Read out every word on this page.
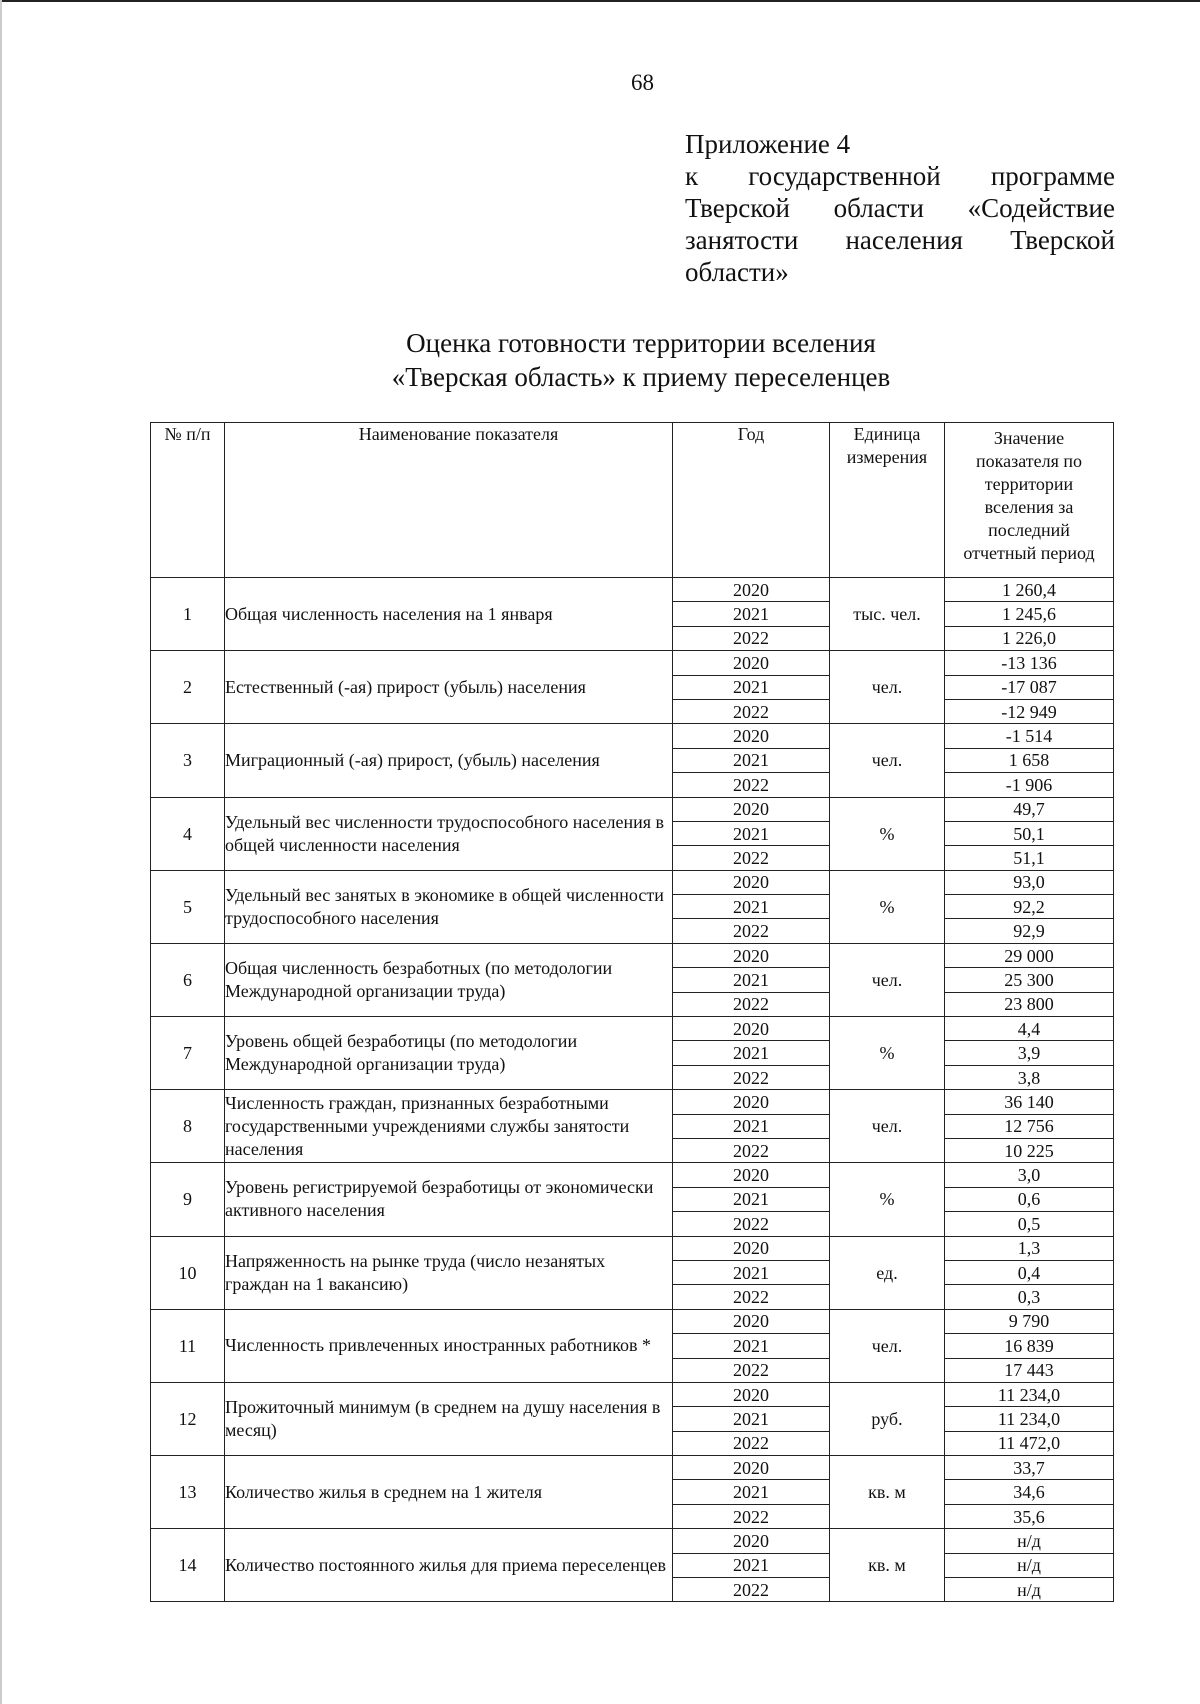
68
Приложение 4
к государственной программе
Тверской области «Содействие
занятости населения Тверской
области»
Оценка готовности территории вселения
«Тверская область» к приему переселенцев
№ п/п	Наименование показателя	Год	Единица измерения	Значение показателя по территории вселения за последний отчетный период
1	Общая численность населения на 1 января	2020	тыс. чел.	1 260,4
		2021		1 245,6
		2022		1 226,0
2	Естественный (-ая) прирост (убыль) населения	2020	чел.	-13 136
		2021		-17 087
		2022		-12 949
3	Миграционный (-ая) прирост, (убыль) населения	2020	чел.	-1 514
		2021		1 658
		2022		-1 906
4	Удельный вес численности трудоспособного населения в общей численности населения	2020	%	49,7
		2021		50,1
		2022		51,1
5	Удельный вес занятых в экономике в общей численности трудоспособного населения	2020	%	93,0
		2021		92,2
		2022		92,9
6	Общая численность безработных (по методологии Международной организации труда)	2020	чел.	29 000
		2021		25 300
		2022		23 800
7	Уровень общей безработицы (по методологии Международной организации труда)	2020	%	4,4
		2021		3,9
		2022		3,8
8	Численность граждан, признанных безработными государственными учреждениями службы занятости населения	2020	чел.	36 140
		2021		12 756
		2022		10 225
9	Уровень регистрируемой безработицы от экономически активного населения	2020	%	3,0
		2021		0,6
		2022		0,5
10	Напряженность на рынке труда (число незанятых граждан на 1 вакансию)	2020	ед.	1,3
		2021		0,4
		2022		0,3
11	Численность привлеченных иностранных работников *	2020	чел.	9 790
		2021		16 839
		2022		17 443
12	Прожиточный минимум (в среднем на душу населения в месяц)	2020	руб.	11 234,0
		2021		11 234,0
		2022		11 472,0
13	Количество жилья в среднем на 1 жителя	2020	кв. м	33,7
		2021		34,6
		2022		35,6
14	Количество постоянного жилья для приема переселенцев	2020	кв. м	н/д
		2021		н/д
		2022		н/д
